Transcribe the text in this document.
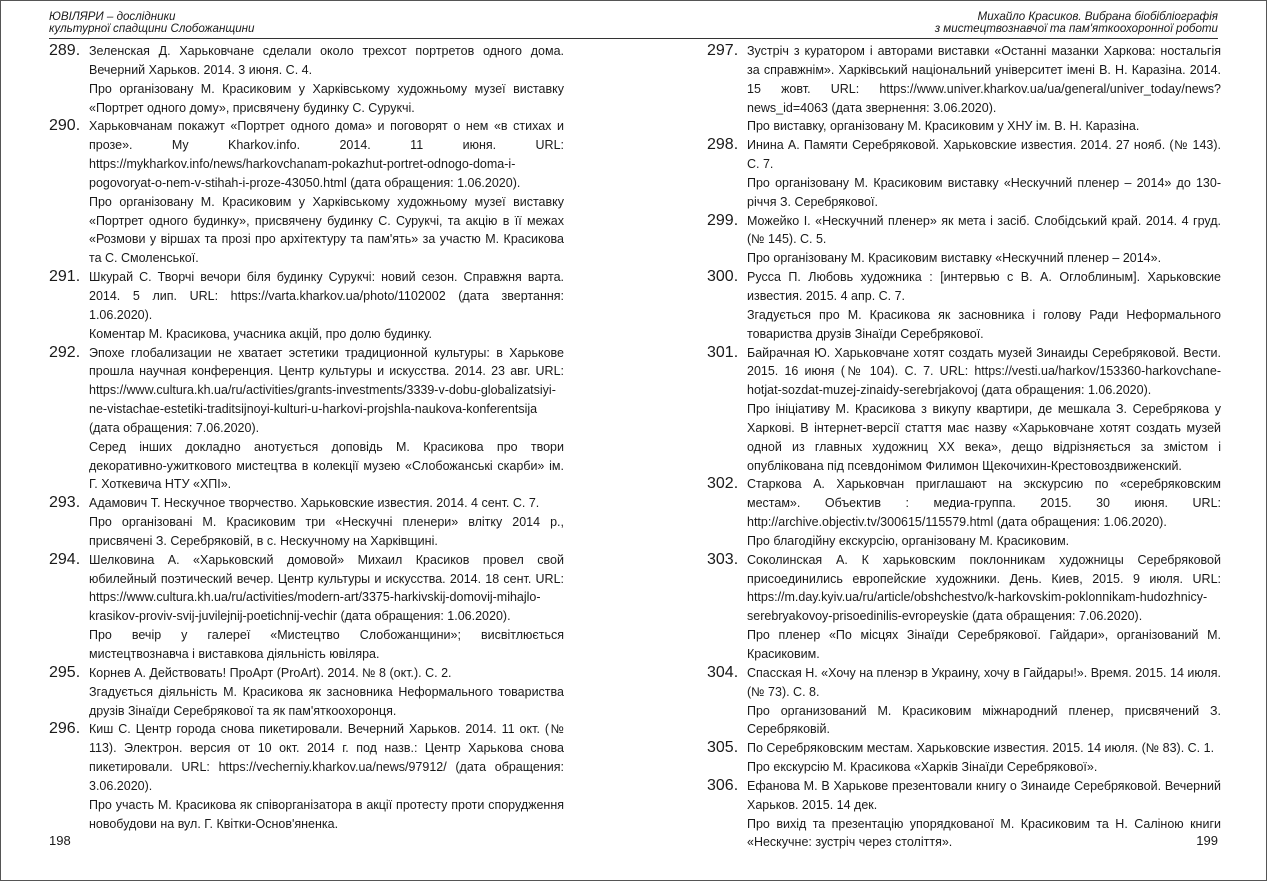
ЮВІЛЯРИ – дослідники
культурної спадщини Слобожанщини
289. Зеленская Д. Харьковчане сделали около трехсот портретов одного дома. Вечерний Харьков. 2014. 3 июня. С. 4.

Про організовану М. Красиковим у Харківському художньому музеї виставку «Портрет одного дому», присвячену будинку С. Сурукчі.

290. Харьковчанам покажут «Портрет одного дома» и поговорят о нем «в стихах и прозе». My Kharkov.info. 2014. 11 июня. URL: https://mykharkov.info/news/harkovchanam-pokazhut-portret-odnogo-doma-i-pogovoryat-o-nem-v-stihah-i-proze-43050.html (дата обращения: 1.06.2020).

Про організовану М. Красиковим у Харківському художньому музеї виставку «Портрет одного будинку», присвячену будинку С. Сурукчі, та акцію в її межах «Розмови у віршах та прозі про архітектуру та пам'ять» за участю М. Красикова та С. Смоленської.

291. Шкурай С. Творчі вечори біля будинку Сурукчі: новий сезон. Справжня варта. 2014. 5 лип. URL: https://varta.kharkov.ua/photo/1102002 (дата звертання: 1.06.2020).

Коментар М. Красикова, учасника акцій, про долю будинку.

292. Эпохе глобализации не хватает эстетики традиционной культуры: в Харькове прошла научная конференция. Центр культуры и искусства. 2014. 23 авг. URL: https://www.cultura.kh.ua/ru/activities/grants-investments/3339-v-dobu-globalizatsiyi-ne-vistachae-estetiki-traditsijnoyi-kulturi-u-harkovi-projshla-naukova-konferentsija (дата обращения: 7.06.2020).

Серед інших докладно анотується доповідь М. Красикова про твори декоративно-ужиткового мистецтва в колекції музею «Слобожанські скарби» ім. Г. Хоткевича НТУ «ХПІ».

293. Адамович Т. Нескучное творчество. Харьковские известия. 2014. 4 сент. С. 7.

Про організовані М. Красиковим три «Нескучні пленери» влітку 2014 р., присвячені З. Серебряковій, в с. Нескучному на Харківщині.

294. Шелковина А. «Харьковский домовой» Михаил Красиков провел свой юбилейный поэтический вечер. Центр культуры и искусства. 2014. 18 сент. URL: https://www.cultura.kh.ua/ru/activities/modern-art/3375-harkivskij-domovij-mihajlo-krasikov-proviv-svij-juvilejnij-poetichnij-vechir (дата обращения: 1.06.2020).

Про вечір у галереї «Мистецтво Слобожанщини»; висвітлюється мистецтвознавча і виставкова діяльність ювіляра.

295. Корнев А. Действовать! ПроАрт (ProArt). 2014. № 8 (окт.). С. 2.

Згадується діяльність М. Красикова як засновника Неформального товариства друзів Зінаїди Серебрякової та як пам'яткоохоронця.

296. Киш С. Центр города снова пикетировали. Вечерний Харьков. 2014. 11 окт. (№ 113). Электрон. версия от 10 окт. 2014 г. под назв.: Центр Харькова снова пикетировали. URL: https://vecherniy.kharkov.ua/news/97912/ (дата обращения: 3.06.2020).

Про участь М. Красикова як співорганізатора в акції протесту проти спорудження новобудови на вул. Г. Квітки-Основ'яненка.

198
Михайло Красиков. Вибрана біобібліографія
з мистецтвознавчої та пам'яткоохоронної роботи
297. Зустріч з куратором і авторами виставки «Останні мазанки Харкова: ностальгія за справжнім». Харківський національний університет імені В. Н. Каразіна. 2014. 15 жовт. URL: https://www.univer.kharkov.ua/ua/general/univer_today/news?news_id=4063 (дата звернення: 3.06.2020).

Про виставку, організовану М. Красиковим у ХНУ ім. В. Н. Каразіна.

298. Инина А. Памяти Серебряковой. Харьковские известия. 2014. 27 нояб. (№ 143). С. 7.

Про організовану М. Красиковим виставку «Нескучний пленер – 2014» до 130-річчя З. Серебрякової.

299. Можейко І. «Нескучний пленер» як мета і засіб. Слобідський край. 2014. 4 груд. (№ 145). С. 5.

Про організовану М. Красиковим виставку «Нескучний пленер – 2014».

300. Русса П. Любовь художника : [интервью с В. А. Оглоблиным]. Харьковские известия. 2015. 4 апр. С. 7.

Згадується про М. Красикова як засновника і голову Ради Неформального товариства друзів Зінаїди Серебрякової.

301. Байрачная Ю. Харьковчане хотят создать музей Зинаиды Серебряковой. Вести. 2015. 16 июня (№ 104). С. 7. URL: https://vesti.ua/harkov/153360-harkovchane-hotjat-sozdat-muzej-zinaidy-serebrjakovoj (дата обращения: 1.06.2020).

Про ініціативу М. Красикова з викупу квартири, де мешкала З. Серебрякова у Харкові. В інтернет-версії стаття має назву «Харьковчане хотят создать музей одной из главных художниц XX века», дещо відрізняється за змістом і опублікована під псевдонімом Филимон Щекочихин-Крестовоздвиженский.

302. Старкова А. Харьковчан приглашают на экскурсию по «серебряковским местам». Объектив : медиа-группа. 2015. 30 июня. URL: http://archive.objectiv.tv/300615/115579.html (дата обращения: 1.06.2020).

Про благодійну екскурсію, організовану М. Красиковим.

303. Соколинская А. К харьковским поклонникам художницы Серебряковой присоединились европейские художники. День. Киев, 2015. 9 июля. URL: https://m.day.kyiv.ua/ru/article/obshchestvo/k-harkovskim-poklonnikam-hudozhnicy-serebryakovoy-prisoedinilis-evropeyskie (дата обращения: 7.06.2020).

Про пленер «По місцях Зінаїди Серебрякової. Гайдари», організований М. Красиковим.

304. Спасская Н. «Хочу на пленэр в Украину, хочу в Гайдары!». Время. 2015. 14 июля. (№ 73). С. 8.

Про организований М. Красиковим міжнародний пленер, присвячений З. Серебряковій.

305. По Серебряковским местам. Харьковские известия. 2015. 14 июля. (№ 83). С. 1.

Про екскурсію М. Красикова «Харків Зінаїди Серебрякової».

306. Ефанова М. В Харькове презентовали книгу о Зинаиде Серебряковой. Вечерний Харьков. 2015. 14 дек.

Про вихід та презентацію упорядкованої М. Красиковим та Н. Саліною книги «Нескучне: зустріч через століття».	199
